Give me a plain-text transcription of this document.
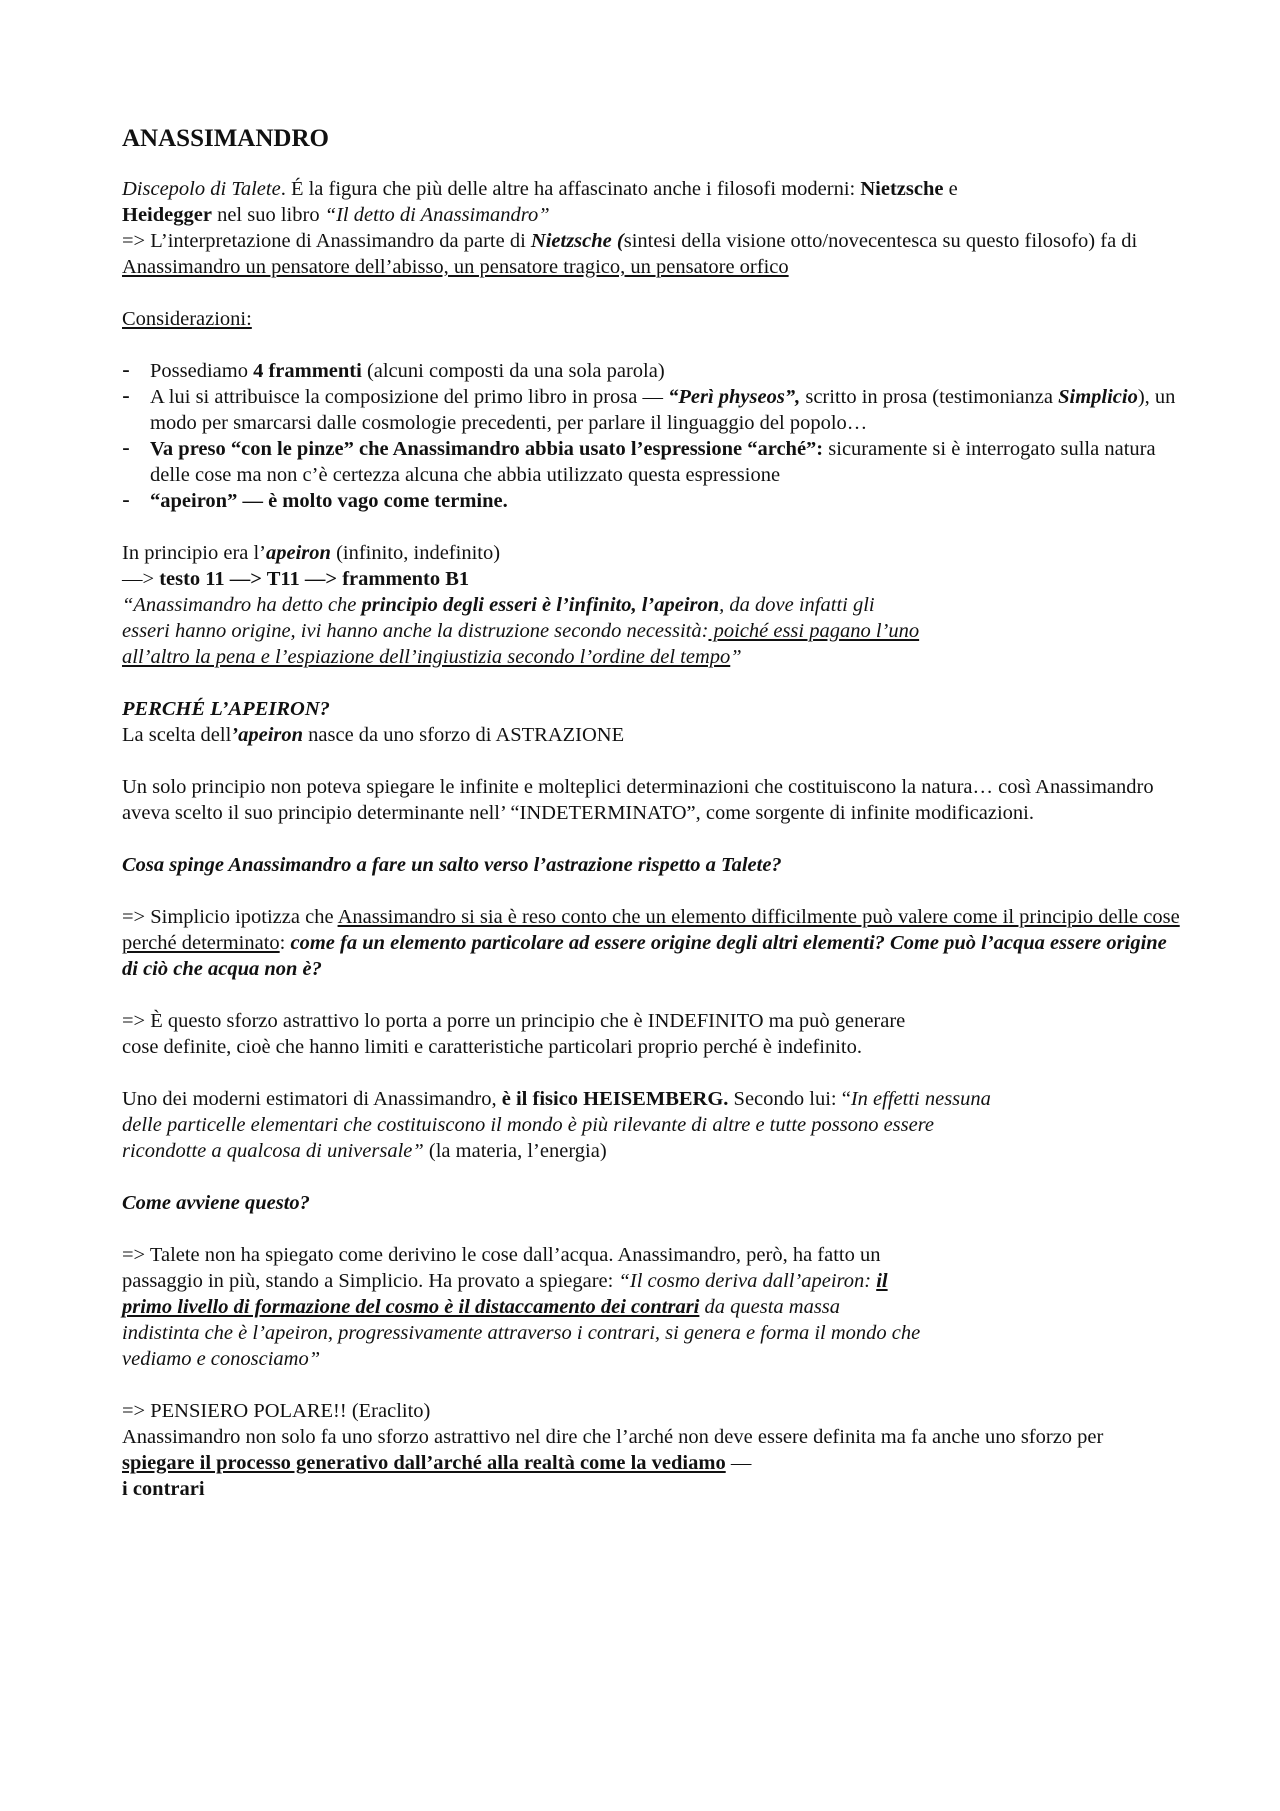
ANASSIMANDRO

Discepolo di Talete. É la figura che più delle altre ha affascinato anche i filosofi moderni: Nietzsche e
Heidegger nel suo libro “Il detto di Anassimandro”

=> L’interpretazione di Anassimandro da parte di Nietzsche (sintesi della visione otto/novecentesca su questo filosofo) fa di Anassimandro un pensatore dell’abisso, un pensatore tragico, un pensatore orfico

Considerazioni:

- Possediamo 4 frammenti (alcuni composti da una sola parola)
- A lui si attribuisce la composizione del primo libro in prosa — “Perì physeos”, scritto in prosa (testimonianza Simplicio), un modo per smarcarsi dalle cosmologie precedenti, per parlare il linguaggio del popolo…
- Va preso “con le pinze” che Anassimandro abbia usato l’espressione “arché”: sicuramente si è interrogato sulla natura delle cose ma non c’è certezza alcuna che abbia utilizzato questa espressione
- “apeiron” — è molto vago come termine.

In principio era l’apeiron (infinito, indefinito)

—> testo 11 —> T11 —> frammento B1

“Anassimandro ha detto che principio degli esseri è l’infinito, l’apeiron, da dove infatti gli esseri hanno origine, ivi hanno anche la distruzione secondo necessità: poiché essi pagano l’uno all’altro la pena e l’espiazione dell’ingiustizia secondo l’ordine del tempo”

PERCHÉ L’APEIRON?

La scelta dell’apeiron nasce da uno sforzo di ASTRAZIONE

Un solo principio non poteva spiegare le infinite e molteplici determinazioni che costituiscono la natura… così Anassimandro aveva scelto il suo principio determinante nell’ “INDETERMINATO”, come sorgente di infinite modificazioni.

Cosa spinge Anassimandro a fare un salto verso l’astrazione rispetto a Talete?

=> Simplicio ipotizza che Anassimandro si sia è reso conto che un elemento difficilmente può valere come il principio delle cose perché determinato: come fa un elemento particolare ad essere origine degli altri elementi? Come può l’acqua essere origine di ciò che acqua non è?

=> È questo sforzo astrattivo lo porta a porre un principio che è INDEFINITO ma può generare cose definite, cioè che hanno limiti e caratteristiche particolari proprio perché è indefinito.

Uno dei moderni estimatori di Anassimandro, è il fisico HEISEMBERG. Secondo lui: “In effetti nessuna delle particelle elementari che costituiscono il mondo è più rilevante di altre e tutte possono essere ricondotte a qualcosa di universale” (la materia, l’energia)

Come avviene questo?

=> Talete non ha spiegato come derivino le cose dall’acqua. Anassimandro, però, ha fatto un passaggio in più, stando a Simplicio. Ha provato a spiegare: “Il cosmo deriva dall’apeiron: il primo livello di formazione del cosmo è il distaccamento dei contrari da questa massa indistinta che è l’apeiron, progressivamente attraverso i contrari, si genera e forma il mondo che vediamo e conosciamo”

=> PENSIERO POLARE!! (Eraclito)

Anassimandro non solo fa uno sforzo astrattivo nel dire che l’arché non deve essere definita ma fa anche uno sforzo per spiegare il processo generativo dall’arché alla realtà come la vediamo —
i contrari
